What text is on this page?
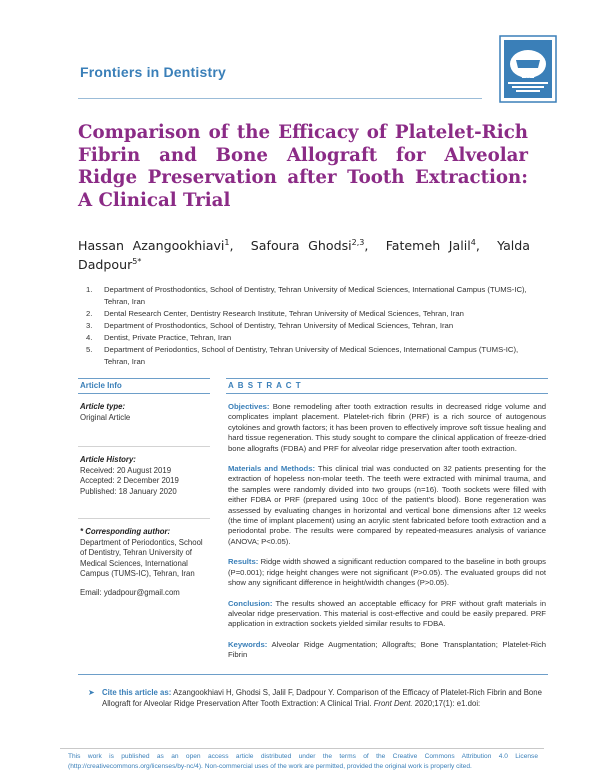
Frontiers in Dentistry
Comparison of the Efficacy of Platelet-Rich Fibrin and Bone Allograft for Alveolar Ridge Preservation after Tooth Extraction: A Clinical Trial
Hassan Azangookhiavi$^1$,  Safoura Ghodsi$^{2,3}$,  Fatemeh Jalil$^4$,  Yalda Dadpour$^{5*}$
1. Department of Prosthodontics, School of Dentistry, Tehran University of Medical Sciences, International Campus (TUMS-IC), Tehran, Iran
2. Dental Research Center, Dentistry Research Institute, Tehran University of Medical Sciences, Tehran, Iran
3. Department of Prosthodontics, School of Dentistry, Tehran University of Medical Sciences, Tehran, Iran
4. Dentist, Private Practice, Tehran, Iran
5. Department of Periodontics, School of Dentistry, Tehran University of Medical Sciences, International Campus (TUMS-IC), Tehran, Iran
Article Info	A B S T R A C T
Article type:
Original Article
Article History:
Received: 20 August 2019
Accepted: 2 December 2019
Published: 18 January 2020
* Corresponding author:
Department of Periodontics, School of Dentistry, Tehran University of Medical Sciences, International Campus (TUMS-IC), Tehran, Iran
Email: ydadpour@gmail.com

Objectives: Bone remodeling after tooth extraction results in decreased ridge volume and complicates implant placement. Platelet-rich fibrin (PRF) is a rich source of autogenous cytokines and growth factors; it has been proven to effectively improve soft tissue healing and hard tissue regeneration. This study sought to compare the clinical application of freeze-dried bone allografts (FDBA) and PRF for alveolar ridge preservation after tooth extraction.

Materials and Methods: This clinical trial was conducted on 32 patients presenting for the extraction of hopeless non-molar teeth. The teeth were extracted with minimal trauma, and the samples were randomly divided into two groups (n=16). Tooth sockets were filled with either FDBA or PRF (prepared using 10cc of the patient's blood). Bone regeneration was assessed by evaluating changes in horizontal and vertical bone dimensions after 12 weeks (the time of implant placement) using an acrylic stent fabricated before tooth extraction and a periodontal probe. The results were compared by repeated-measures analysis of variance (ANOVA; P<0.05).

Results: Ridge width showed a significant reduction compared to the baseline in both groups (P=0.001); ridge height changes were not significant (P>0.05). The evaluated groups did not show any significant difference in height/width changes (P>0.05).

Conclusion: The results showed an acceptable efficacy for PRF without graft materials in alveolar ridge preservation. This material is cost-effective and could be easily prepared. PRF application in extraction sockets yielded similar results to FDBA.

Keywords: Alveolar Ridge Augmentation; Allografts; Bone Transplantation; Platelet-Rich Fibrin

➤ Cite this article as: Azangookhiavi H, Ghodsi S, Jalil F, Dadpour Y. Comparison of the Efficacy of Platelet-Rich Fibrin and Bone Allograft for Alveolar Ridge Preservation After Tooth Extraction: A Clinical Trial. Front Dent. 2020;17(1): e1.doi:
This work is published as an open access article distributed under the terms of the Creative Commons Attribution 4.0 License (http://creativecommons.org/licenses/by-nc/4). Non-commercial uses of the work are permitted, provided the original work is properly cited.
